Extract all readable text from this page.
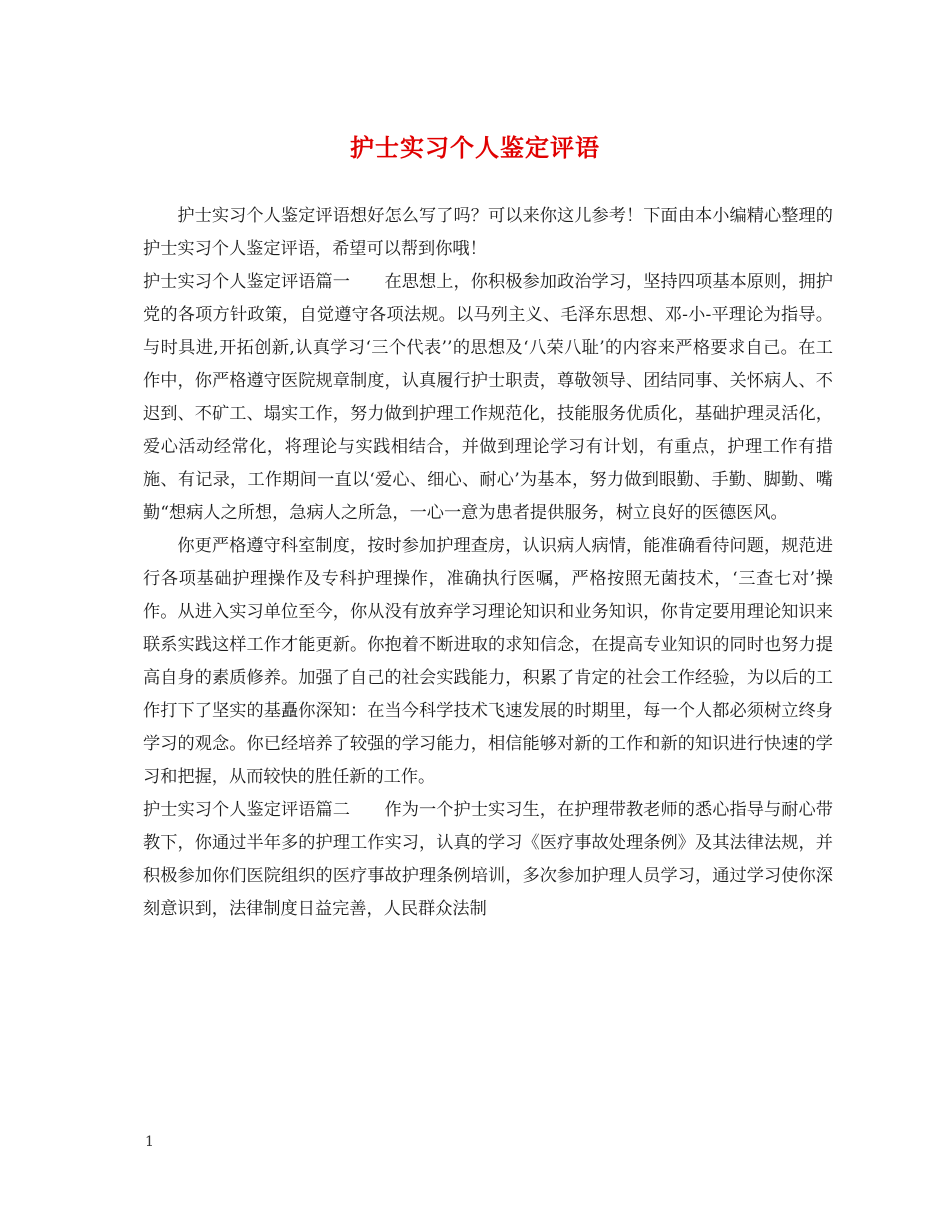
护士实习个人鉴定评语

护士实习个人鉴定评语想好怎么写了吗？可以来你这儿参考！下面由本小编精心整理的护士实习个人鉴定评语，希望可以帮到你哦！

护士实习个人鉴定评语篇一　　在思想上，你积极参加政治学习，坚持四项基本原则，拥护党的各项方针政策，自觉遵守各项法规。以马列主义、毛泽东思想、邓-小-平理论为指导。与时具进,开拓创新,认真学习‘三个代表’’的思想及‘八荣八耻’的内容来严格要求自己。在工作中，你严格遵守医院规章制度，认真履行护士职责，尊敬领导、团结同事、关怀病人、不迟到、不矿工、塌实工作，努力做到护理工作规范化，技能服务优质化，基础护理灵活化，爱心活动经常化，将理论与实践相结合，并做到理论学习有计划，有重点，护理工作有措施、有记录，工作期间一直以‘爱心、细心、耐心’为基本，努力做到眼勤、手勤、脚勤、嘴勤“想病人之所想，急病人之所急，一心一意为患者提供服务，树立良好的医德医风。

你更严格遵守科室制度，按时参加护理查房，认识病人病情，能准确看待问题，规范进行各项基础护理操作及专科护理操作，准确执行医嘱，严格按照无菌技术，‘三查七对’操作。从进入实习单位至今，你从没有放弃学习理论知识和业务知识，你肯定要用理论知识来联系实践这样工作才能更新。你抱着不断进取的求知信念，在提高专业知识的同时也努力提高自身的素质修养。加强了自己的社会实践能力，积累了肯定的社会工作经验，为以后的工作打下了坚实的基矗你深知：在当今科学技术飞速发展的时期里，每一个人都必须树立终身学习的观念。你已经培养了较强的学习能力，相信能够对新的工作和新的知识进行快速的学习和把握，从而较快的胜任新的工作。

护士实习个人鉴定评语篇二　　作为一个护士实习生，在护理带教老师的悉心指导与耐心带教下，你通过半年多的护理工作实习，认真的学习《医疗事故处理条例》及其法律法规，并积极参加你们医院组织的医疗事故护理条例培训，多次参加护理人员学习，通过学习使你深刻意识到，法律制度日益完善，人民群众法制

1
